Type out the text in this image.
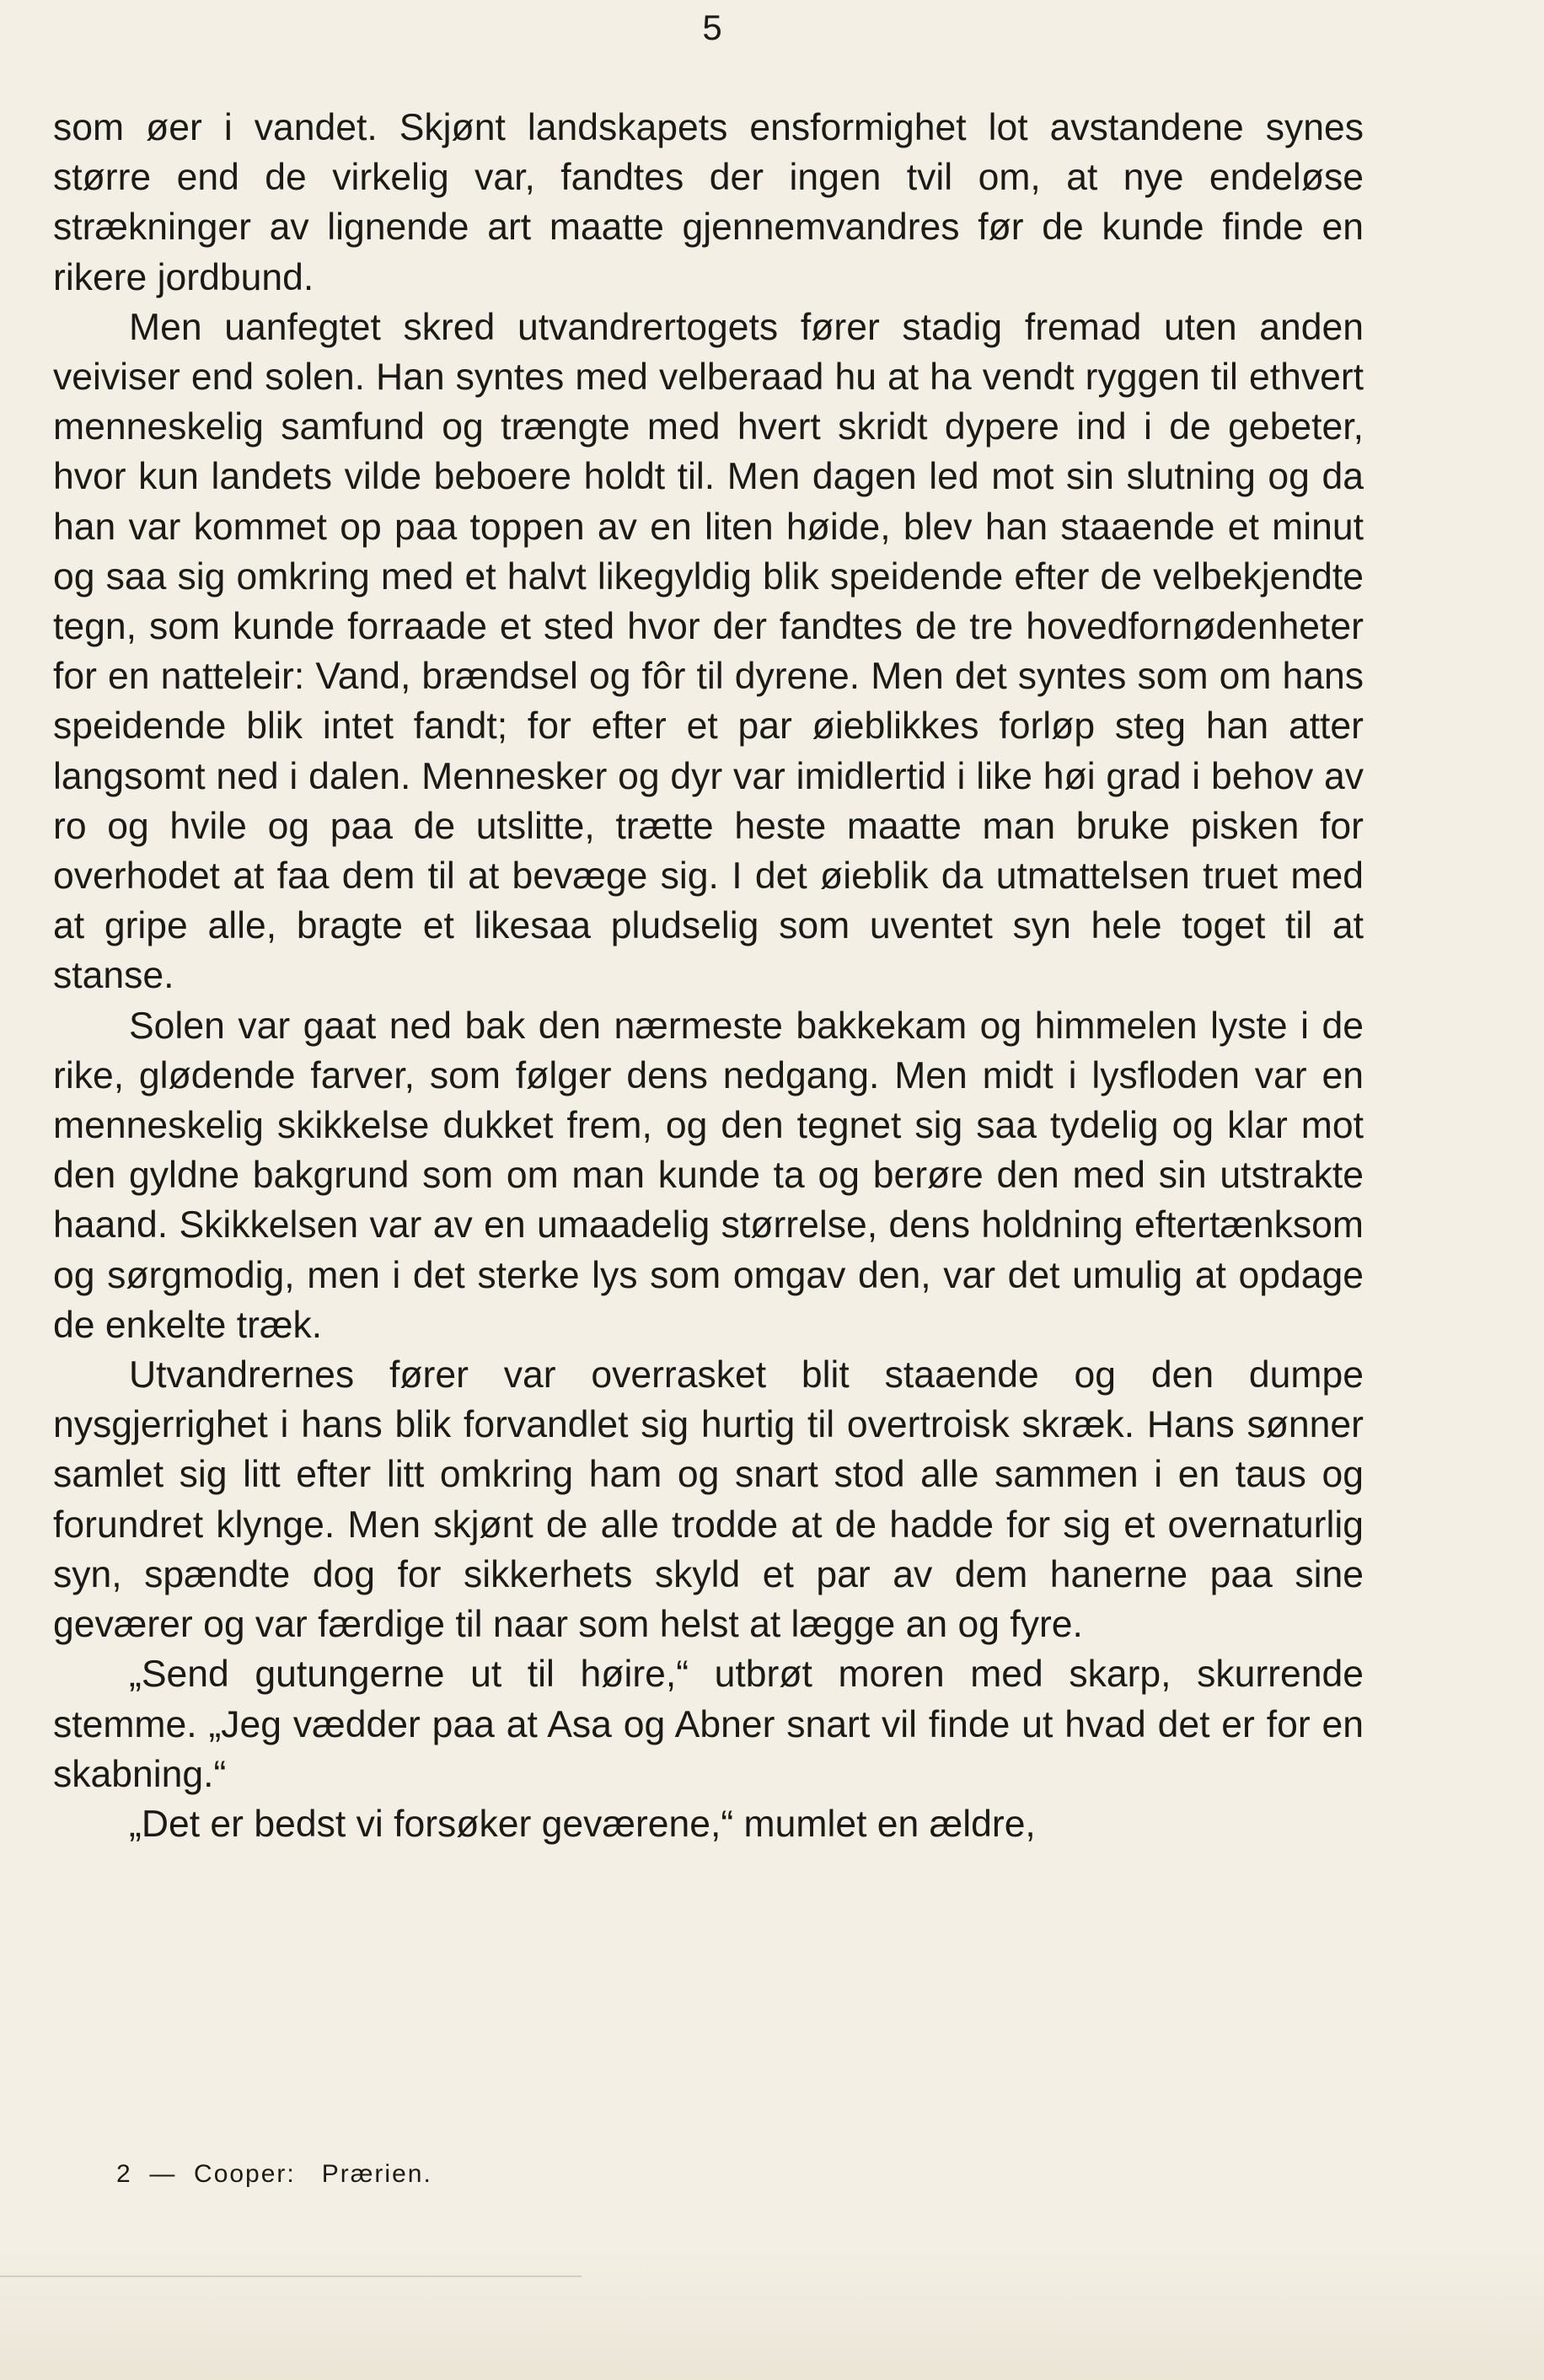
5

som øer i vandet. Skjønt landskapets ensformighet lot avstandene synes større end de virkelig var, fandtes der ingen tvil om, at nye endeløse strækninger av lignende art maatte gjennemvandres før de kunde finde en rikere jordbund.

Men uanfegtet skred utvandrertogets fører stadig fremad uten anden veiviser end solen. Han syntes med velberaad hu at ha vendt ryggen til ethvert menneskelig samfund og trængte med hvert skridt dypere ind i de gebeter, hvor kun landets vilde beboere holdt til. Men dagen led mot sin slutning og da han var kommet op paa toppen av en liten høide, blev han staaende et minut og saa sig omkring med et halvt likegyldig blik speidende efter de velbekjendte tegn, som kunde forraade et sted hvor der fandtes de tre hovedfornødenheter for en natteleir: Vand, brændsel og fôr til dyrene. Men det syntes som om hans speidende blik intet fandt; for efter et par øieblikkes forløp steg han atter langsomt ned i dalen. Mennesker og dyr var imidlertid i like høi grad i behov av ro og hvile og paa de utslitte, trætte heste maatte man bruke pisken for overhodet at faa dem til at bevæge sig. I det øieblik da utmattelsen truet med at gripe alle, bragte et likesaa pludselig som uventet syn hele toget til at stanse.

Solen var gaat ned bak den nærmeste bakkekam og himmelen lyste i de rike, glødende farver, som følger dens nedgang. Men midt i lysfloden var en menneskelig skikkelse dukket frem, og den tegnet sig saa tydelig og klar mot den gyldne bakgrund som om man kunde ta og berøre den med sin utstrakte haand. Skikkelsen var av en umaadelig størrelse, dens holdning eftertænksom og sørgmodig, men i det sterke lys som omgav den, var det umulig at opdage de enkelte træk.

Utvandrernes fører var overrasket blit staaende og den dumpe nysgjerrighet i hans blik forvandlet sig hurtig til overtroisk skræk. Hans sønner samlet sig litt efter litt omkring ham og snart stod alle sammen i en taus og forundret klynge. Men skjønt de alle trodde at de hadde for sig et overnaturlig syn, spændte dog for sikkerhets skyld et par av dem hanerne paa sine geværer og var færdige til naar som helst at lægge an og fyre.

„Send gutungerne ut til høire,“ utbrøt moren med skarp, skurrende stemme. „Jeg vædder paa at Asa og Abner snart vil finde ut hvad det er for en skabning.“

„Det er bedst vi forsøker geværene,“ mumlet en ældre,

2  —  Cooper:   Prærien.
